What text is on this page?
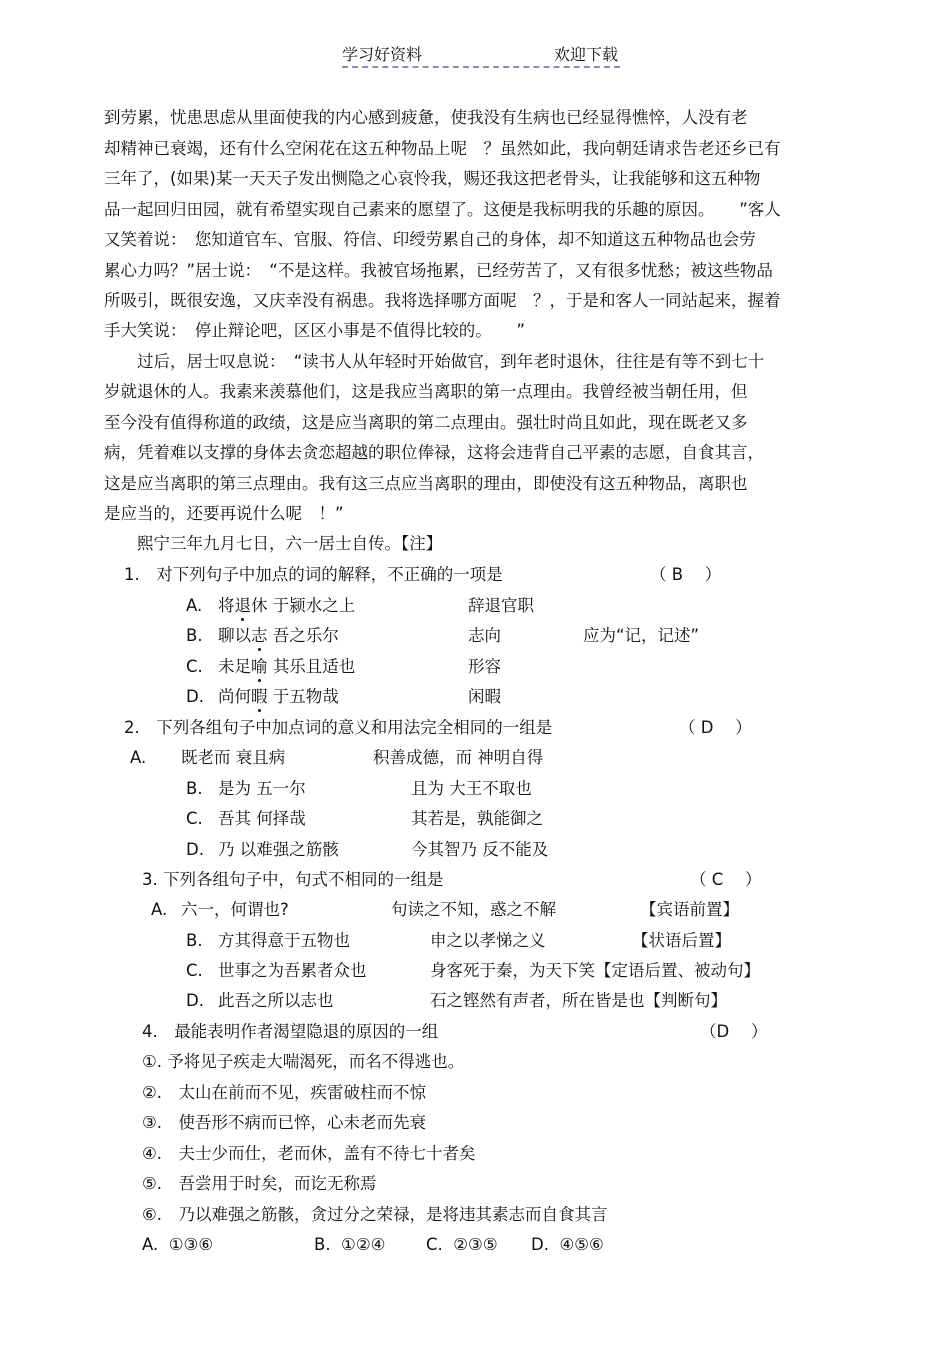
学习好资料	欢迎下载
到劳累，忧患思虑从里面使我的内心感到疲惫，使我没有生病也已经显得憔悴，人没有老
却精神已衰竭，还有什么空闲花在这五种物品上呢　？虽然如此，我向朝廷请求告老还乡已有
三年了，(如果)某一天天子发出恻隐之心哀怜我，赐还我这把老骨头，让我能够和这五种物
品一起回归田园，就有希望实现自己素来的愿望了。这便是我标明我的乐趣的原因。　　”客人
又笑着说：　您知道官车、官服、符信、印绶劳累自己的身体，却不知道这五种物品也会劳
累心力吗？”居士说：　“不是这样。我被官场拖累，已经劳苦了，又有很多忧愁；被这些物品
所吸引，既很安逸，又庆幸没有祸患。我将选择哪方面呢　？，于是和客人一同站起来，握着
手大笑说：　停止辩论吧，区区小事是不值得比较的。　　”
　　过后，居士叹息说：　“读书人从年轻时开始做官，到年老时退休，往往是有等不到七十
岁就退休的人。我素来羡慕他们，这是我应当离职的第一点理由。我曾经被当朝任用，但
至今没有值得称道的政绩，这是应当离职的第二点理由。强壮时尚且如此，现在既老又多
病，凭着难以支撑的身体去贪恋超越的职位俸禄，这将会违背自己平素的志愿，自食其言，
这是应当离职的第三点理由。我有这三点应当离职的理由，即使没有这五种物品，离职也
是应当的，还要再说什么呢　！”
　　熙宁三年九月七日，六一居士自传。【注】
1.　对下列句子中加点的词的解释，不正确的一项是	（ B 　）
A. 将退休 于颍水之上	辞退官职
B. 聊以志 吾之乐尔	志向	应为“记，记述”
C. 未足喻 其乐且适也	形容
D. 尚何暇 于五物哉	闲暇
2.　下列各组句子中加点词的意义和用法完全相同的一组是	（ D 　）
A. 既老而 衰且病	积善成德，而 神明自得
B. 是为 五一尔	且为 大王不取也
C. 吾其 何择哉	其若是，孰能御之
D. 乃 以难强之筋骸	今其智乃 反不能及
3. 下列各组句子中，句式不相同的一组是	（ C 　）
A. 六一，何谓也?	句读之不知，惑之不解	【宾语前置】
B. 方其得意于五物也	申之以孝悌之义	【状语后置】
C. 世事之为吾累者众也	身客死于秦，为天下笑【定语后置、被动句】
D. 此吾之所以志也	石之铿然有声者，所在皆是也【判断句】
4.　最能表明作者渴望隐退的原因的一组	（D 　）
①. 予将见子疾走大喘渴死，而名不得逃也。
②.　太山在前而不见，疾雷破柱而不惊
③.　使吾形不病而已悴，心未老而先衰
④.　夫士少而仕，老而休，盖有不待七十者矣
⑤.　吾尝用于时矣，而讫无称焉
⑥.　乃以难强之筋骸，贪过分之荣禄，是将违其素志而自食其言
A.  ①③⑥	B.  ①②④ C.  ②③⑤ D.  ④⑤⑥
